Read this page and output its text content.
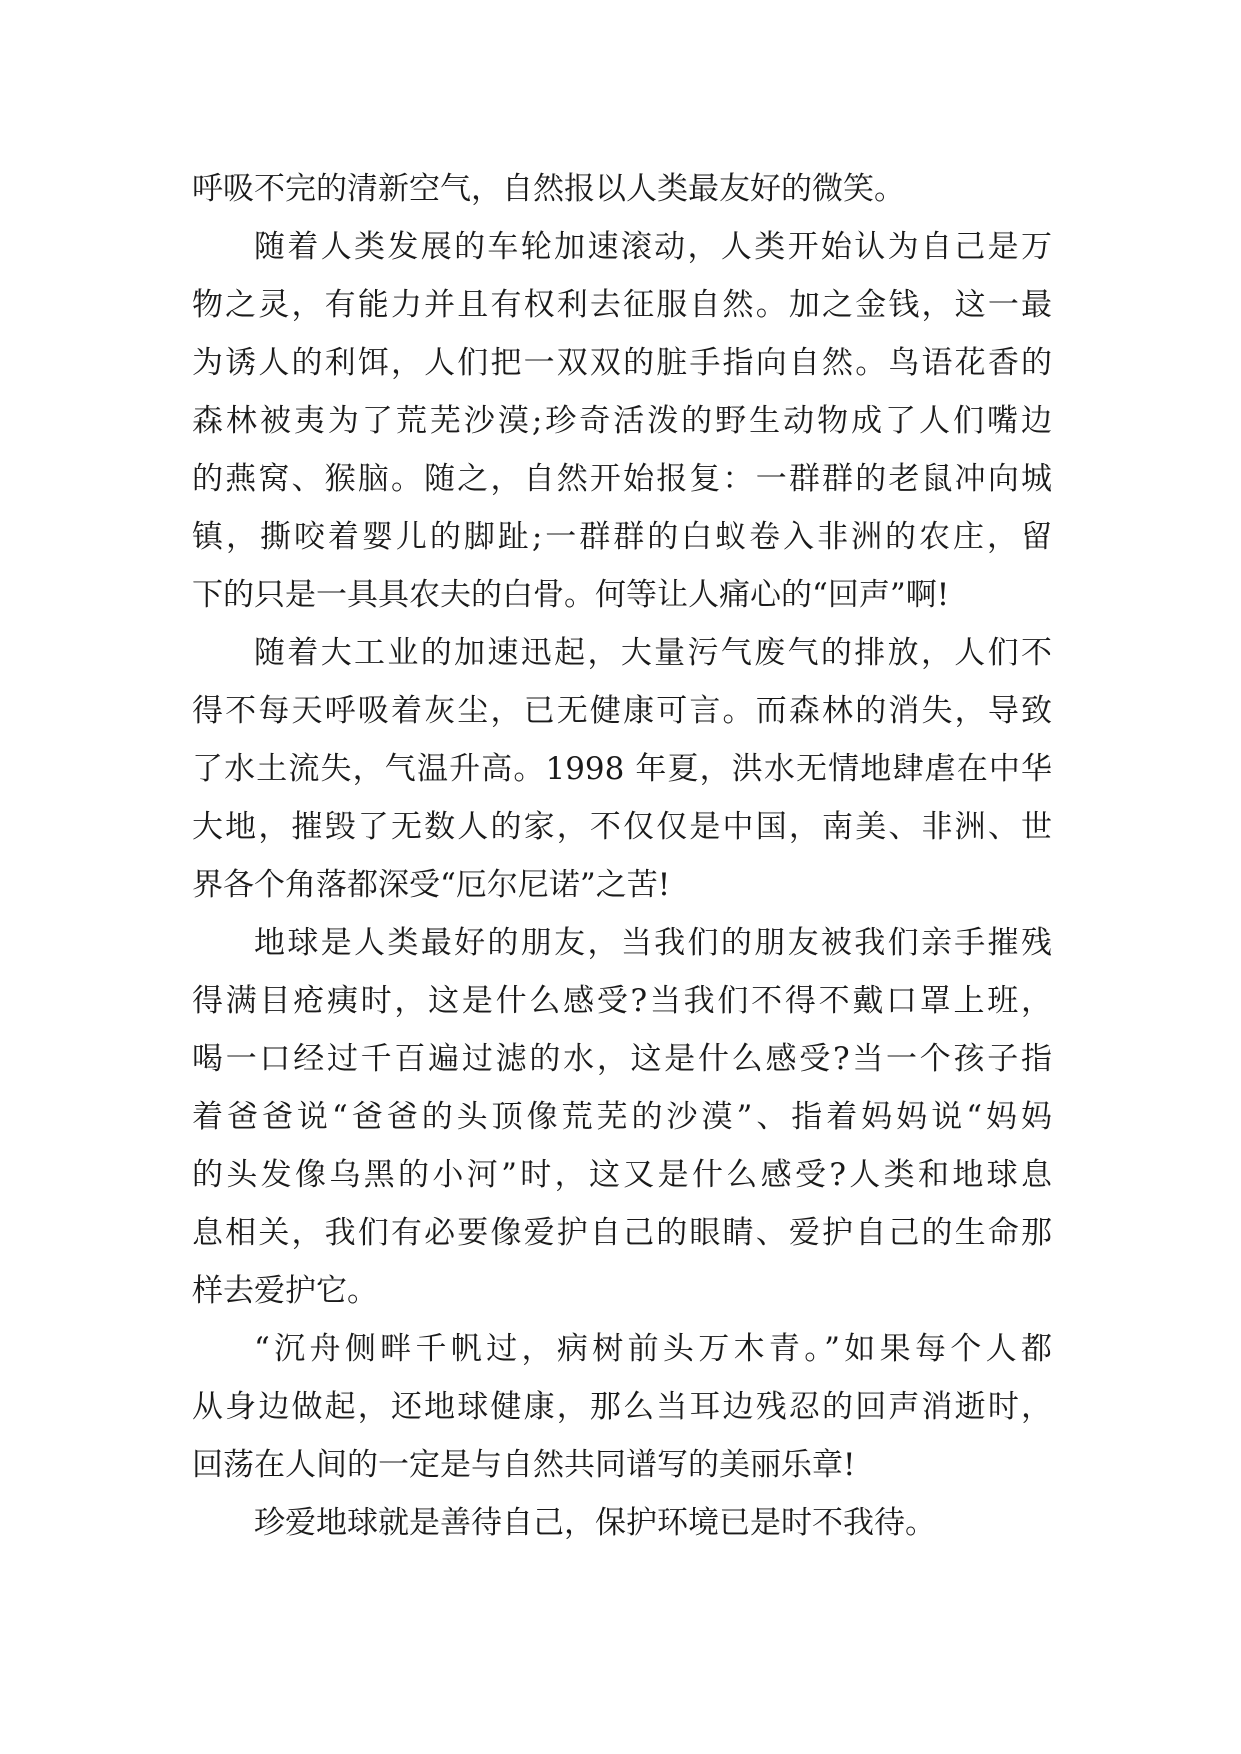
呼吸不完的清新空气，自然报以人类最友好的微笑。
随着人类发展的车轮加速滚动，人类开始认为自己是万
物之灵，有能力并且有权利去征服自然。加之金钱，这一最
为诱人的利饵，人们把一双双的脏手指向自然。鸟语花香的
森林被夷为了荒芜沙漠;珍奇活泼的野生动物成了人们嘴边
的燕窝、猴脑。随之，自然开始报复：一群群的老鼠冲向城
镇，撕咬着婴儿的脚趾;一群群的白蚁卷入非洲的农庄，留
下的只是一具具农夫的白骨。何等让人痛心的“回声”啊!
随着大工业的加速迅起，大量污气废气的排放，人们不
得不每天呼吸着灰尘，已无健康可言。而森林的消失，导致
了水土流失，气温升高。1998 年夏，洪水无情地肆虐在中华
大地，摧毁了无数人的家，不仅仅是中国，南美、非洲、世
界各个角落都深受“厄尔尼诺”之苦!
地球是人类最好的朋友，当我们的朋友被我们亲手摧残
得满目疮痍时，这是什么感受?当我们不得不戴口罩上班，
喝一口经过千百遍过滤的水，这是什么感受?当一个孩子指
着爸爸说“爸爸的头顶像荒芜的沙漠”、指着妈妈说“妈妈
的头发像乌黑的小河”时，这又是什么感受?人类和地球息
息相关，我们有必要像爱护自己的眼睛、爱护自己的生命那
样去爱护它。
“沉舟侧畔千帆过，病树前头万木青。”如果每个人都
从身边做起，还地球健康，那么当耳边残忍的回声消逝时，
回荡在人间的一定是与自然共同谱写的美丽乐章!
珍爱地球就是善待自己，保护环境已是时不我待。
